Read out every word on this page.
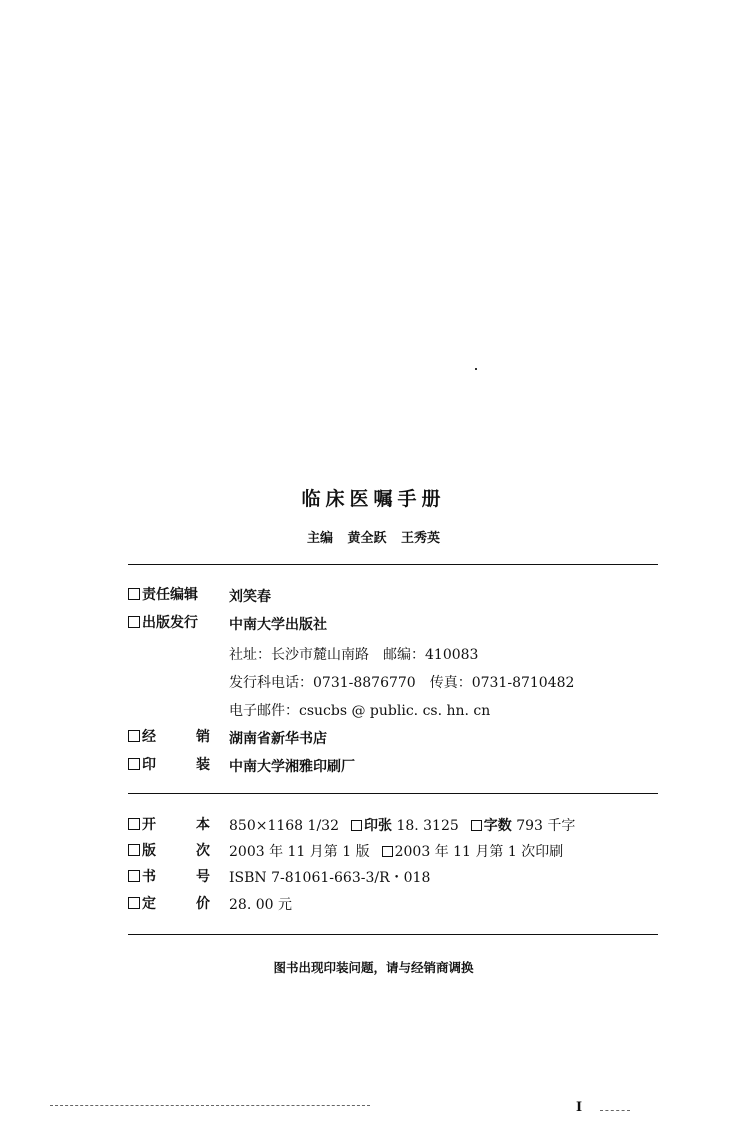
临床医嘱手册
主编 黄全跃 王秀英
责任编辑 刘笑春
出版发行 中南大学出版社
社址：长沙市麓山南路　邮编：410083
发行科电话：0731-8876770　传真：0731-8710482
电子邮件：csucbs @ public. cs. hn. cn
经	销 湖南省新华书店
印	装 中南大学湘雅印刷厂
开	本 850×1168 1/32 印张 18. 3125 字数 793 千字
版	次 2003 年 11 月第 1 版 2003 年 11 月第 1 次印刷
书	号 ISBN 7-81061-663-3/R・018
定	价 28. 00 元
图书出现印装问题，请与经销商调换
I
